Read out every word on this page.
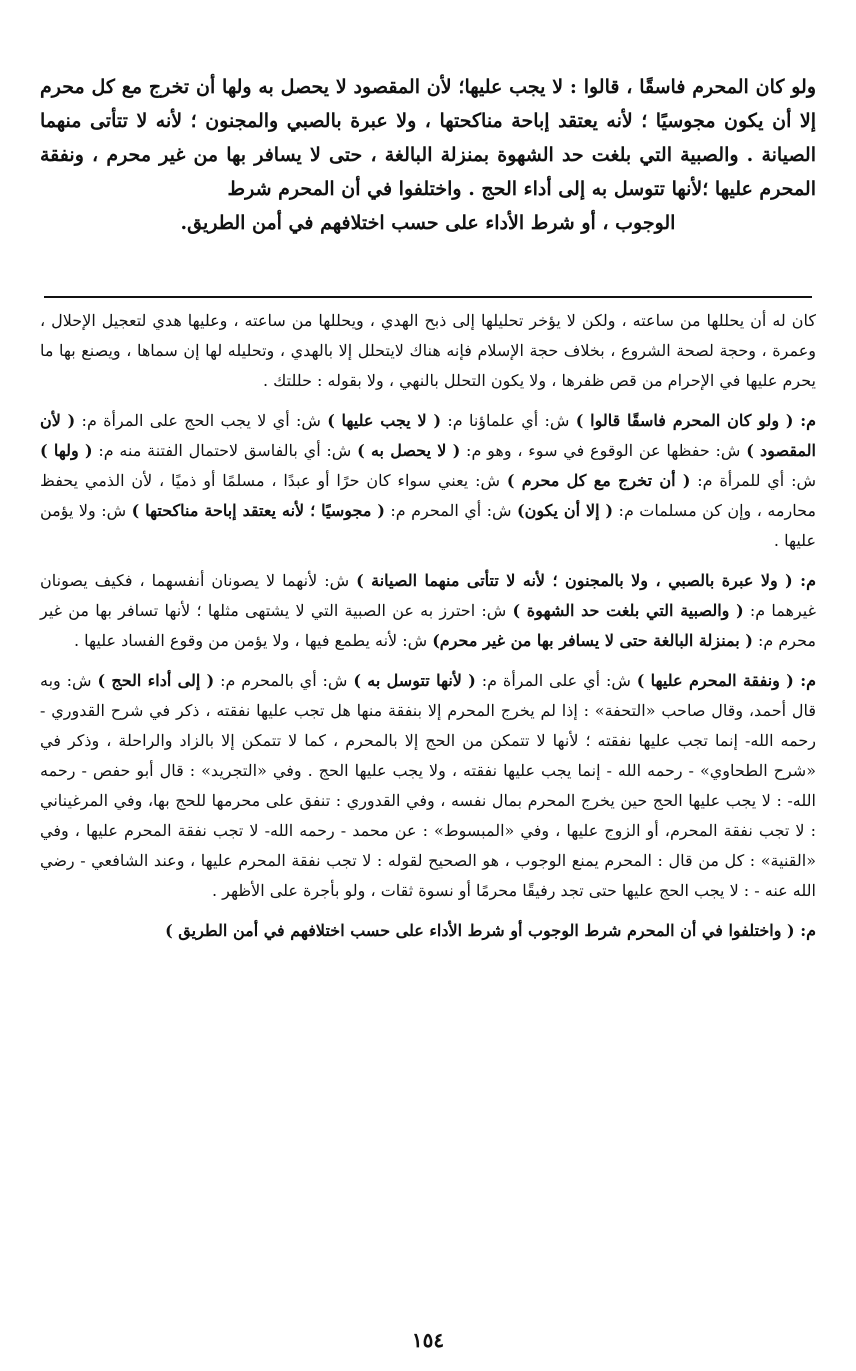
ولو كان المحرم فاسقًا ، قالوا : لا يجب عليها؛ لأن المقصود لا يحصل به ولها أن تخرج مع كل محرم إلا أن يكون مجوسيًا ؛ لأنه يعتقد إباحة مناكحتها ، ولا عبرة بالصبي والمجنون ؛ لأنه لا تتأتى منهما الصيانة . والصبية التي بلغت حد الشهوة بمنزلة البالغة ، حتى لا يسافر بها من غير محرم ، ونفقة المحرم عليها ؛لأنها تتوسل به إلى أداء الحج . واختلفوا في أن المحرم شرط

الوجوب ، أو شرط الأداء على حسب اختلافهم في أمن الطريق.

كان له أن يحللها من ساعته ، ولكن لا يؤخر تحليلها إلى ذبح الهدي ، ويحللها من ساعته ، وعليها هدي لتعجيل الإحلال ، وعمرة ، وحجة لصحة الشروع ، بخلاف حجة الإسلام فإنه هناك لايتحلل إلا بالهدي ، وتحليله لها إن سماها ، ويصنع بها ما يحرم عليها في الإحرام من قص ظفرها ، ولا يكون التحلل بالنهي ، ولا بقوله : حللتك .

م: ( ولو كان المحرم فاسقًا قالوا ) ش: أي علماؤنا م: ( لا يجب عليها ) ش: أي لا يجب الحج على المرأة م: ( لأن المقصود ) ش: حفظها عن الوقوع في سوء ، وهو م: ( لا يحصل به ) ش: أي بالفاسق لاحتمال الفتنة منه م: ( ولها ) ش: أي للمرأة م: ( أن تخرج مع كل محرم ) ش: يعني سواء كان حرًا أو عبدًا ، مسلمًا أو ذميًا ، لأن الذمي يحفظ محارمه ، وإن كن مسلمات م: ( إلا أن يكون) ش: أي المحرم م: ( مجوسيًا ؛ لأنه يعتقد إباحة مناكحتها ) ش: ولا يؤمن عليها .

م: ( ولا عبرة بالصبي ، ولا بالمجنون ؛ لأنه لا تتأتى منهما الصيانة ) ش: لأنهما لا يصونان أنفسهما ، فكيف يصونان غيرهما م: ( والصبية التي بلغت حد الشهوة ) ش: احترز به عن الصبية التي لا يشتهى مثلها ؛ لأنها تسافر بها من غير محرم م: ( بمنزلة البالغة حتى لا يسافر بها من غير محرم) ش: لأنه يطمع فيها ، ولا يؤمن من وقوع الفساد عليها .

م: ( ونفقة المحرم عليها ) ش: أي على المرأة م: ( لأنها تتوسل به ) ش: أي بالمحرم م: ( إلى أداء الحج ) ش: وبه قال أحمد، وقال صاحب «التحفة» : إذا لم يخرج المحرم إلا بنفقة منها هل تجب عليها نفقته ، ذكر في شرح القدوري - رحمه الله- إنما تجب عليها نفقته ؛ لأنها لا تتمكن من الحج إلا بالمحرم ، كما لا تتمكن إلا بالزاد والراحلة ، وذكر في «شرح الطحاوي» - رحمه الله - إنما يجب عليها نفقته ، ولا يجب عليها الحج . وفي «التجريد» : قال أبو حفص - رحمه الله- : لا يجب عليها الحج حين يخرج المحرم بمال نفسه ، وفي القدوري : تنفق على محرمها للحج بها، وفي المرغيناني : لا تجب نفقة المحرم، أو الزوج عليها ، وفي «المبسوط» : عن محمد - رحمه الله- لا تجب نفقة المحرم عليها ، وفي «القنية» : كل من قال : المحرم يمنع الوجوب ، هو الصحيح لقوله : لا تجب نفقة المحرم عليها ، وعند الشافعي - رضي الله عنه - : لا يجب الحج عليها حتى تجد رفيقًا محرمًا أو نسوة ثقات ، ولو بأجرة على الأظهر .

م: ( واختلفوا في أن المحرم شرط الوجوب أو شرط الأداء على حسب اختلافهم في أمن الطريق )

١٥٤
